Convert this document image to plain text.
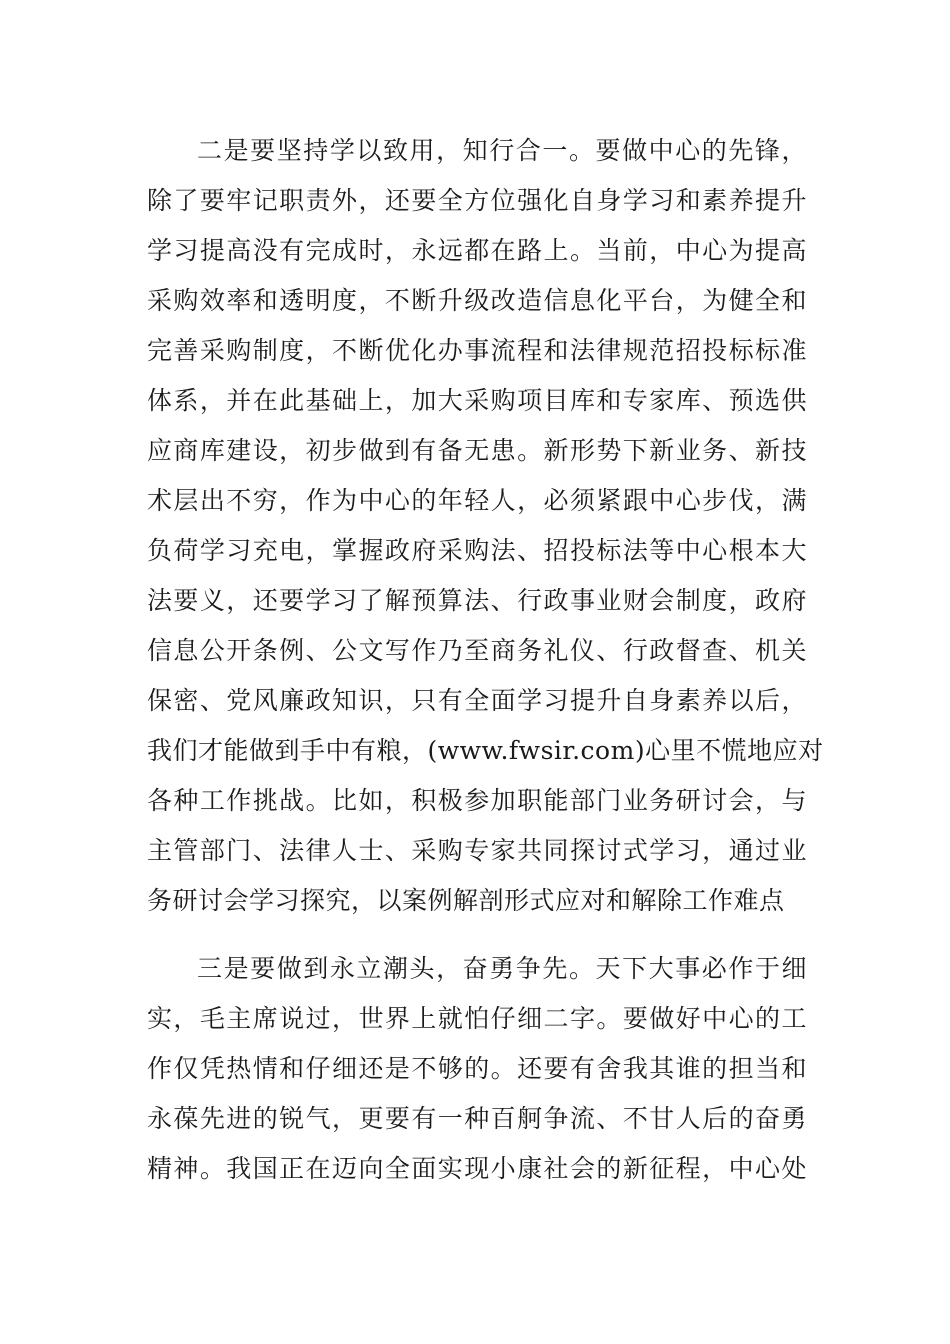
二是要坚持学以致用，知行合一。要做中心的先锋，
除了要牢记职责外，还要全方位强化自身学习和素养提升
学习提高没有完成时，永远都在路上。当前，中心为提高
采购效率和透明度，不断升级改造信息化平台，为健全和
完善采购制度，不断优化办事流程和法律规范招投标标准
体系，并在此基础上，加大采购项目库和专家库、预选供
应商库建设，初步做到有备无患。新形势下新业务、新技
术层出不穷，作为中心的年轻人，必须紧跟中心步伐，满
负荷学习充电，掌握政府采购法、招投标法等中心根本大
法要义，还要学习了解预算法、行政事业财会制度，政府
信息公开条例、公文写作乃至商务礼仪、行政督查、机关
保密、党风廉政知识，只有全面学习提升自身素养以后，
我们才能做到手中有粮，(www.fwsir.com)心里不慌地应对
各种工作挑战。比如，积极参加职能部门业务研讨会，与
主管部门、法律人士、采购专家共同探讨式学习，通过业
务研讨会学习探究，以案例解剖形式应对和解除工作难点
三是要做到永立潮头，奋勇争先。天下大事必作于细
实，毛主席说过，世界上就怕仔细二字。要做好中心的工
作仅凭热情和仔细还是不够的。还要有舍我其谁的担当和
永葆先进的锐气，更要有一种百舸争流、不甘人后的奋勇
精神。我国正在迈向全面实现小康社会的新征程，中心处
